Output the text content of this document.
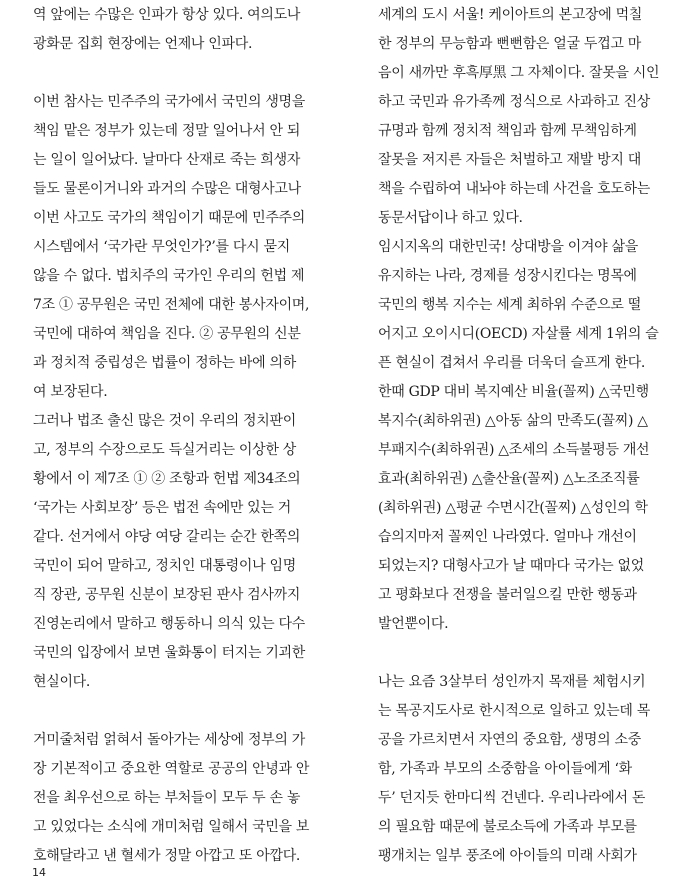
역 앞에는 수많은 인파가 항상 있다. 여의도나
광화문 집회 현장에는 언제나 인파다.
이번 참사는 민주주의 국가에서 국민의 생명을
책임 맡은 정부가 있는데 정말 일어나서 안 되
는 일이 일어났다. 날마다 산재로 죽는 희생자
들도 물론이거니와 과거의 수많은 대형사고나
이번 사고도 국가의 책임이기 때문에 민주주의
시스템에서 ‘국가란 무엇인가?’를 다시 묻지
않을 수 없다. 법치주의 국가인 우리의 헌법 제
7조 ① 공무원은 국민 전체에 대한 봉사자이며,
국민에 대하여 책임을 진다. ② 공무원의 신분
과 정치적 중립성은 법률이 정하는 바에 의하
여 보장된다.
그러나 법조 출신 많은 것이 우리의 정치판이
고, 정부의 수장으로도 득실거리는 이상한 상
황에서 이 제7조 ① ② 조항과 헌법 제34조의
‘국가는 사회보장’ 등은 법전 속에만 있는 거
같다. 선거에서 야당 여당 갈리는 순간 한쪽의
국민이 되어 말하고, 정치인 대통령이나 임명
직 장관, 공무원 신분이 보장된 판사 검사까지
진영논리에서 말하고 행동하니 의식 있는 다수
국민의 입장에서 보면 울화통이 터지는 기괴한
현실이다.
거미줄처럼 얽혀서 돌아가는 세상에 정부의 가
장 기본적이고 중요한 역할로 공공의 안녕과 안
전을 최우선으로 하는 부처들이 모두 두 손 놓
고 있었다는 소식에 개미처럼 일해서 국민을 보
호해달라고 낸 혈세가 정말 아깝고 또 아깝다.
세계의 도시 서울! 케이아트의 본고장에 먹칠
한 정부의 무능함과 뻔뻔함은 얼굴 두껍고 마
음이 새까만 후흑厚黑 그 자체이다. 잘못을 시인
하고 국민과 유가족께 정식으로 사과하고 진상
규명과 함께 정치적 책임과 함께 무책임하게
잘못을 저지른 자들은 처벌하고 재발 방지 대
책을 수립하여 내놔야 하는데 사건을 호도하는
동문서답이나 하고 있다.
임시지옥의 대한민국! 상대방을 이겨야 삶을
유지하는 나라, 경제를 성장시킨다는 명목에
국민의 행복 지수는 세계 최하위 수준으로 떨
어지고 오이시디(OECD) 자살률 세계 1위의 슬
픈 현실이 겹쳐서 우리를 더욱더 슬프게 한다.
한때 GDP 대비 복지예산 비율(꼴찌) △국민행
복지수(최하위권) △아동 삶의 만족도(꼴찌) △
부패지수(최하위권) △조세의 소득불평등 개선
효과(최하위권) △출산율(꼴찌) △노조조직률
(최하위권) △평균 수면시간(꼴찌) △성인의 학
습의지마저 꼴찌인 나라였다. 얼마나 개선이
되었는지? 대형사고가 날 때마다 국가는 없었
고 평화보다 전쟁을 불러일으킬 만한 행동과
발언뿐이다.
나는 요즘 3살부터 성인까지 목재를 체험시키
는 목공지도사로 한시적으로 일하고 있는데 목
공을 가르치면서 자연의 중요함, 생명의 소중
함, 가족과 부모의 소중함을 아이들에게 ‘화
두’ 던지듯 한마디씩 건넨다. 우리나라에서 돈
의 필요함 때문에 불로소득에 가족과 부모를
팽개치는 일부 풍조에 아이들의 미래 사회가
14
